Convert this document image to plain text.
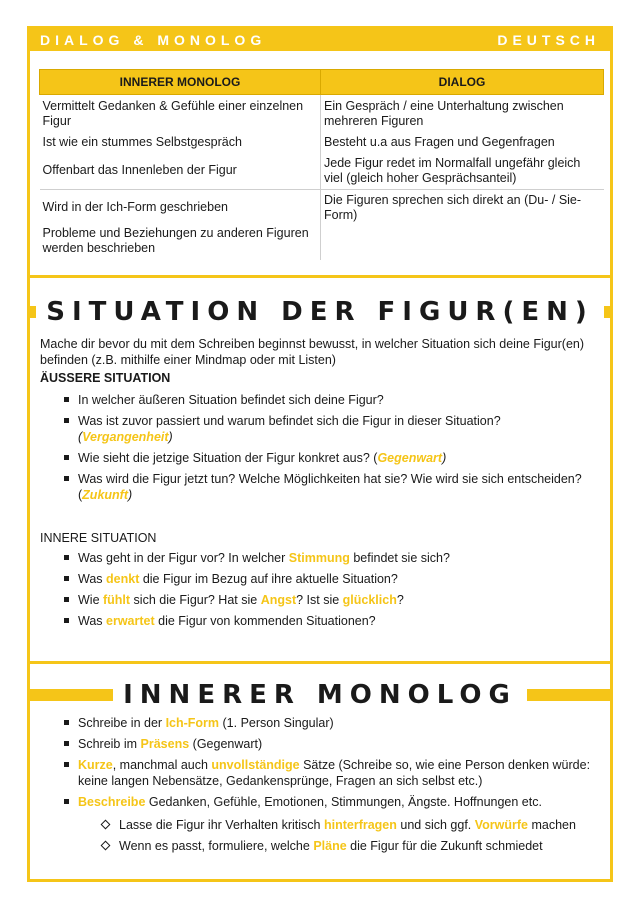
DIALOG & MONOLOG	DEUTSCH
INNERER MONOLOG	DIALOG
Vermittelt Gedanken & Gefühle einer einzelnen Figur	Ein Gespräch / eine Unterhaltung zwischen mehreren Figuren
Ist wie ein stummes Selbstgespräch	Besteht u.a aus Fragen und Gegenfragen
Offenbart das Innenleben der Figur	Jede Figur redet im Normalfall ungefähr gleich viel (gleich hoher Gesprächsanteil)
Wird in der Ich-Form geschrieben	Die Figuren sprechen sich direkt an (Du- / Sie-Form)
Probleme und Beziehungen zu anderen Figuren werden beschrieben	
SITUATION DER FIGUR(EN)
Mache dir bevor du mit dem Schreiben beginnst bewusst, in welcher Situation sich deine Figur(en) befinden (z.B. mithilfe einer Mindmap oder mit Listen)
ÄUSSERE SITUATION
In welcher äußeren Situation befindet sich deine Figur?
Was ist zuvor passiert und warum befindet sich die Figur in dieser Situation?
(Vergangenheit)
Wie sieht die jetzige Situation der Figur konkret aus? (Gegenwart)
Was wird die Figur jetzt tun? Welche Möglichkeiten hat sie? Wie wird sie sich entscheiden? (Zukunft)
INNERE SITUATION
Was geht in der Figur vor? In welcher Stimmung befindet sie sich?
Was denkt die Figur im Bezug auf ihre aktuelle Situation?
Wie fühlt sich die Figur? Hat sie Angst? Ist sie glücklich?
Was erwartet die Figur von kommenden Situationen?
INNERER MONOLOG
Schreibe in der Ich-Form (1. Person Singular)
Schreib im Präsens (Gegenwart)
Kurze, manchmal auch unvollständige Sätze (Schreibe so, wie eine Person denken würde: keine langen Nebensätze, Gedankensprünge, Fragen an sich selbst etc.)
Beschreibe Gedanken, Gefühle, Emotionen, Stimmungen, Ängste. Hoffnungen etc.
Lasse die Figur ihr Verhalten kritisch hinterfragen und sich ggf. Vorwürfe machen
Wenn es passt, formuliere, welche Pläne die Figur für die Zukunft schmiedet
